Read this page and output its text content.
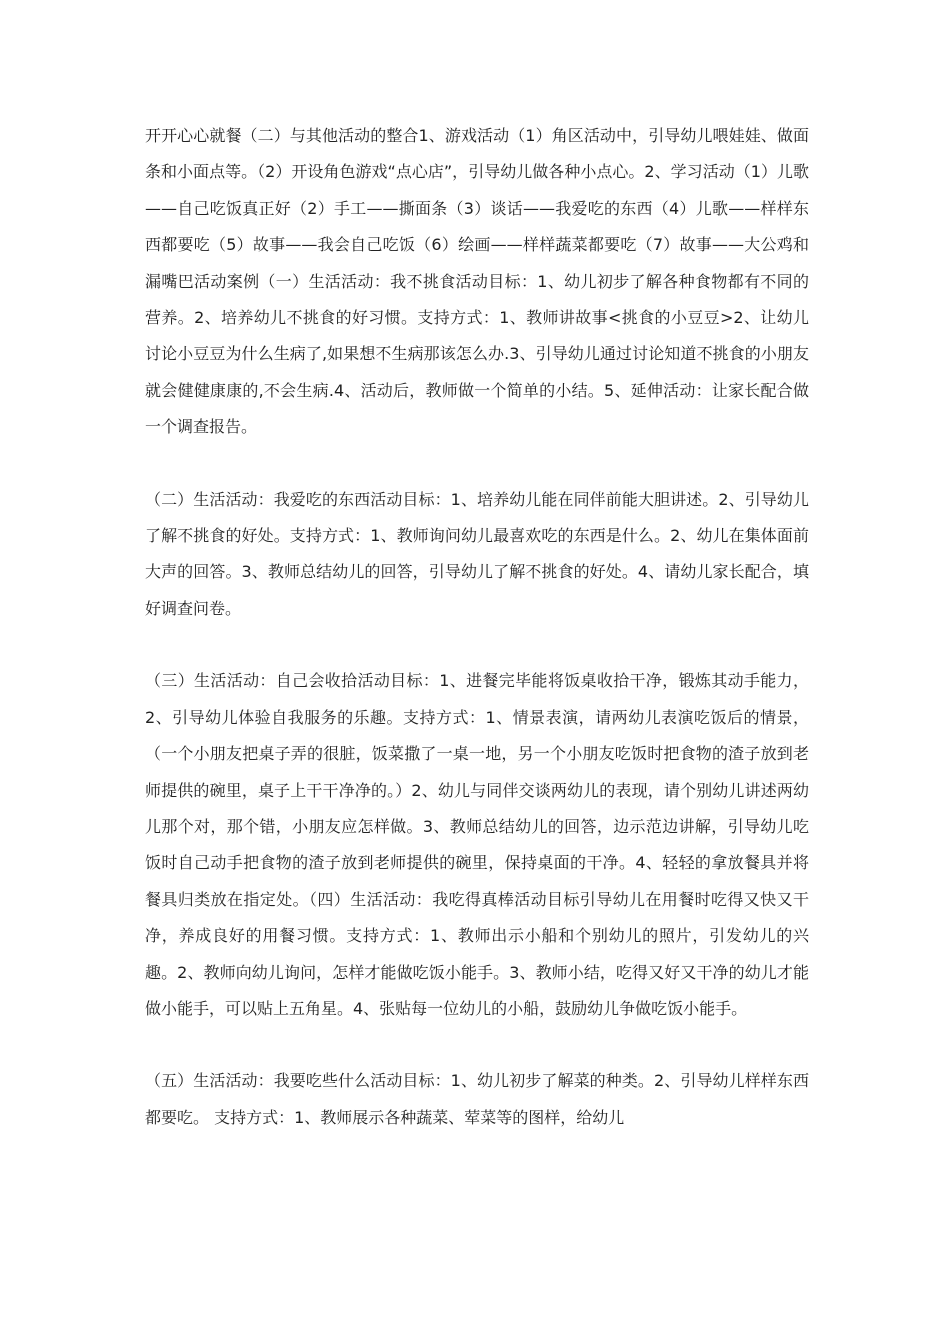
开开心心就餐（二）与其他活动的整合1、游戏活动（1）角区活动中，引导幼儿喂娃娃、做面条和小面点等。（2）开设角色游戏“点心店”，引导幼儿做各种小点心。2、学习活动（1）儿歌——自己吃饭真正好（2）手工——撕面条（3）谈话——我爱吃的东西（4）儿歌——样样东西都要吃（5）故事——我会自己吃饭（6）绘画——样样蔬菜都要吃（7）故事——大公鸡和漏嘴巴活动案例（一）生活活动：我不挑食活动目标：1、幼儿初步了解各种食物都有不同的营养。2、培养幼儿不挑食的好习惯。支持方式：1、教师讲故事<挑食的小豆豆>2、让幼儿讨论小豆豆为什么生病了,如果想不生病那该怎么办.3、引导幼儿通过讨论知道不挑食的小朋友就会健健康康的,不会生病.4、活动后，教师做一个简单的小结。5、延伸活动：让家长配合做一个调查报告。

（二）生活活动：我爱吃的东西活动目标：1、培养幼儿能在同伴前能大胆讲述。2、引导幼儿了解不挑食的好处。支持方式：1、教师询问幼儿最喜欢吃的东西是什么。2、幼儿在集体面前大声的回答。3、教师总结幼儿的回答，引导幼儿了解不挑食的好处。4、请幼儿家长配合，填好调查问卷。

（三）生活活动：自己会收拾活动目标：1、进餐完毕能将饭桌收拾干净，锻炼其动手能力，2、引导幼儿体验自我服务的乐趣。支持方式：1、情景表演，请两幼儿表演吃饭后的情景，（一个小朋友把桌子弄的很脏，饭菜撒了一桌一地，另一个小朋友吃饭时把食物的渣子放到老师提供的碗里，桌子上干干净净的。）2、幼儿与同伴交谈两幼儿的表现，请个别幼儿讲述两幼儿那个对，那个错，小朋友应怎样做。3、教师总结幼儿的回答，边示范边讲解，引导幼儿吃饭时自己动手把食物的渣子放到老师提供的碗里，保持桌面的干净。4、轻轻的拿放餐具并将餐具归类放在指定处。（四）生活活动：我吃得真棒活动目标引导幼儿在用餐时吃得又快又干净，养成良好的用餐习惯。支持方式：1、教师出示小船和个别幼儿的照片，引发幼儿的兴趣。2、教师向幼儿询问，怎样才能做吃饭小能手。3、教师小结，吃得又好又干净的幼儿才能做小能手，可以贴上五角星。4、张贴每一位幼儿的小船，鼓励幼儿争做吃饭小能手。

（五）生活活动：我要吃些什么活动目标：1、幼儿初步了解菜的种类。2、引导幼儿样样东西都要吃。 支持方式：1、教师展示各种蔬菜、荤菜等的图样，给幼儿
